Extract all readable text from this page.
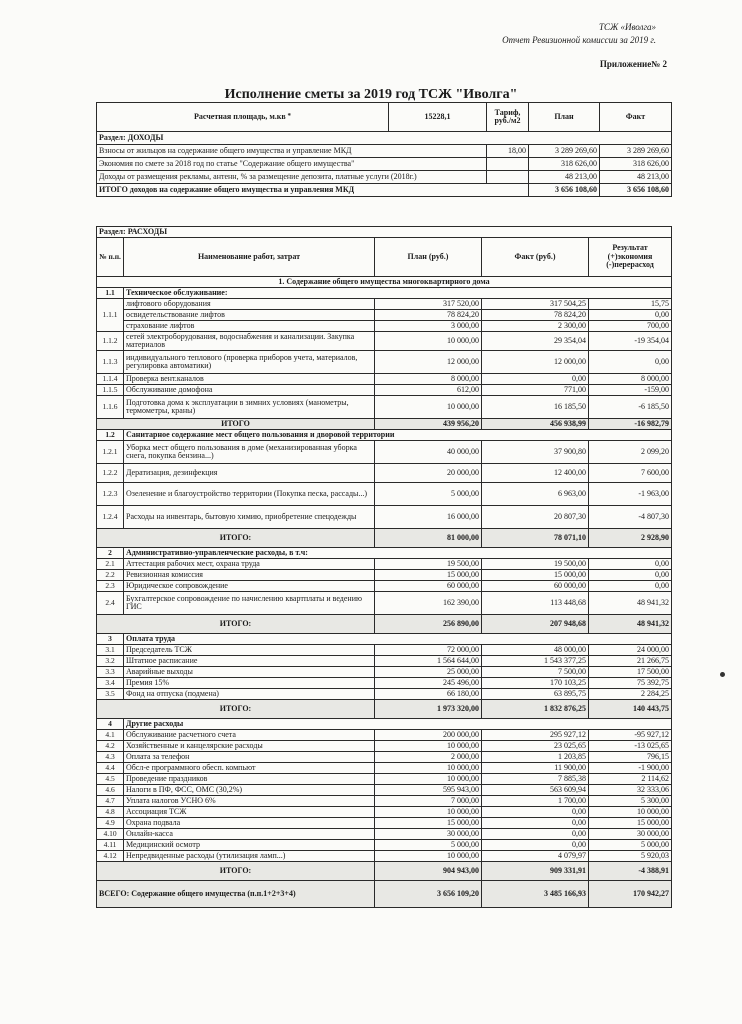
ТСЖ «Иволга»
Отчет Ревизионной комиссии за 2019 г.
Приложение№ 2
Исполнение сметы за 2019 год ТСЖ "Иволга"
Расчетная площадь, м.кв *	15228,1	Тариф, руб./м2	План	Факт
Раздел: ДОХОДЫ				
Взносы от жильцов на содержание общего имущества и управление МКД		18,00	3 289 269,60	3 289 269,60
Экономия по смете за 2018 год по статье "Содержание общего имущества"			318 626,00	318 626,00
Доходы от размещения рекламы, антенн, % за размещение депозита, платные услуги (2018г.)			48 213,00	48 213,00
ИТОГО доходов на содержание общего имущества и управления МКД			3 656 108,60	3 656 108,60
Раздел: РАСХОДЫ				
№ п.п.	Наименование работ, затрат	План (руб.)	Факт (руб.)	Результат (+)экономия (-)перерасход
1. Содержание общего имущества многоквартирного дома				
1.1	Техническое обслуживание:			
1.1.1	лифтового оборудования	317 520,00	317 504,25	15,75
	освидетельствование лифтов	78 824,20	78 824,20	0,00
	страхование лифтов	3 000,00	2 300,00	700,00
1.1.2	сетей электроборудования, водоснабжения и канализации. Закупка материалов	10 000,00	29 354,04	-19 354,04
1.1.3	индивидуального теплового (проверка приборов учета, материалов, регулировка автоматики)	12 000,00	12 000,00	0,00
1.1.4	Проверка вент.каналов	8 000,00	0,00	8 000,00
1.1.5	Обслуживание домофона	612,00	771,00	-159,00
1.1.6	Подготовка дома к эксплуатации в зимних условиях (манометры, термометры, краны)	10 000,00	16 185,50	-6 185,50
ИТОГО		439 956,20	456 938,99	-16 982,79
1.2	Санитарное содержание мест общего пользования и дворовой территории			
1.2.1	Уборка мест общего пользования в доме (механизированная уборка снега, покупка бензина...)	40 000,00	37 900,80	2 099,20
1.2.2	Дератизация, дезинфекция	20 000,00	12 400,00	7 600,00
1.2.3	Озеленение и благоустройство территории (Покупка песка, рассады...)	5 000,00	6 963,00	-1 963,00
1.2.4	Расходы на инвентарь, бытовую химию, приобретение спецодежды	16 000,00	20 807,30	-4 807,30
ИТОГО:		81 000,00	78 071,10	2 928,90
2	Административно-управленческие расходы, в т.ч:			
2.1	Аттестация рабочих мест, охрана труда	19 500,00	19 500,00	0,00
2.2	Ревизионная комиссия	15 000,00	15 000,00	0,00
2.3	Юридическое сопровождение	60 000,00	60 000,00	0,00
2.4	Бухгалтерское сопровождение по начислению квартплаты и ведению ГИС	162 390,00	113 448,68	48 941,32
ИТОГО:		256 890,00	207 948,68	48 941,32
3	Оплата труда			
3.1	Председатель ТСЖ	72 000,00	48 000,00	24 000,00
3.2	Штатное расписание	1 564 644,00	1 543 377,25	21 266,75
3.3	Аварийные выходы	25 000,00	7 500,00	17 500,00
3.4	Премия 15%	245 496,00	170 103,25	75 392,75
3.5	Фонд на отпуска (подмена)	66 180,00	63 895,75	2 284,25
ИТОГО:		1 973 320,00	1 832 876,25	140 443,75
4	Другие расходы			
4.1	Обслуживание расчетного счета	200 000,00	295 927,12	-95 927,12
4.2	Хозяйственные и канцелярские расходы	10 000,00	23 025,65	-13 025,65
4.3	Оплата за телефон	2 000,00	1 203,85	796,15
4.4	Обсл-е программного обесп. компьют	10 000,00	11 900,00	-1 900,00
4.5	Проведение праздников	10 000,00	7 885,38	2 114,62
4.6	Налоги в ПФ, ФСС, ОМС (30,2%)	595 943,00	563 609,94	32 333,06
4.7	Уплата налогов УСНО 6%	7 000,00	1 700,00	5 300,00
4.8	Ассоциация ТСЖ	10 000,00	0,00	10 000,00
4.9	Охрана подвала	15 000,00	0,00	15 000,00
4.10	Онлайн-касса	30 000,00	0,00	30 000,00
4.11	Медицинский осмотр	5 000,00	0,00	5 000,00
4.12	Непредвиденные расходы (утилизация ламп...)	10 000,00	4 079,97	5 920,03
ИТОГО:		904 943,00	909 331,91	-4 388,91
ВСЕГО: Содержание общего имущества (п.п.1+2+3+4)		3 656 109,20	3 485 166,93	170 942,27
